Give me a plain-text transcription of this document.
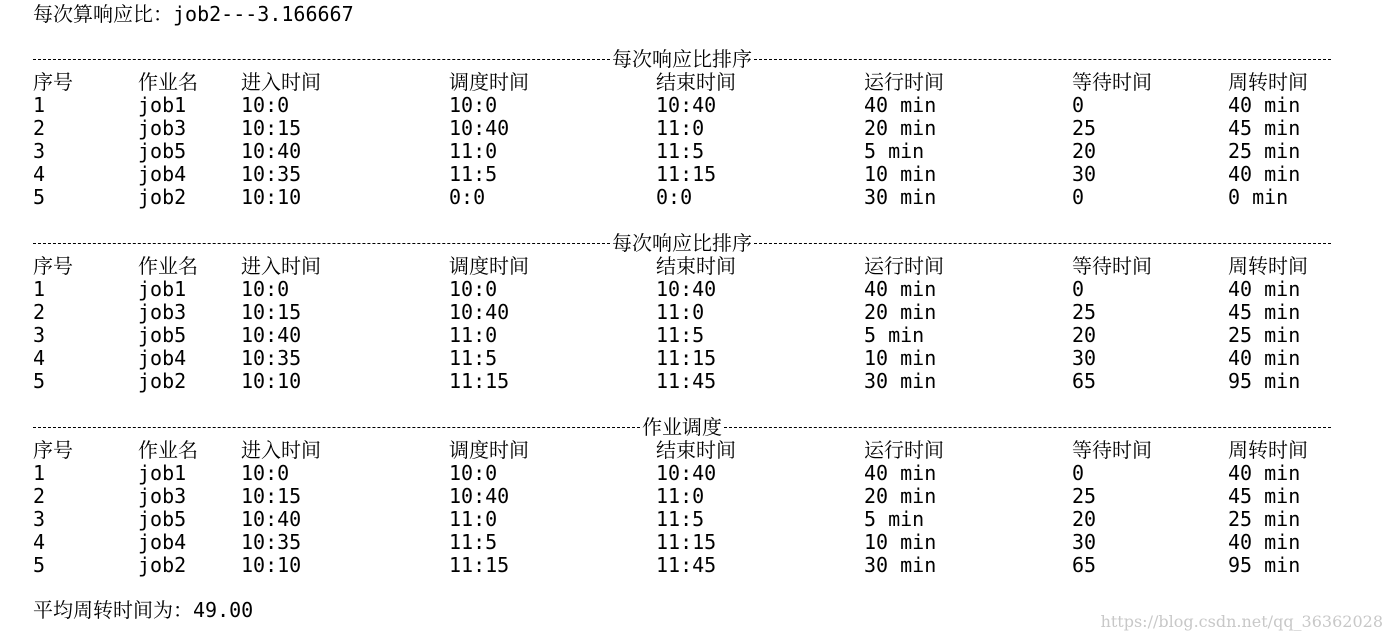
每次算响应比：job2---3.166667
每次响应比排序
序号	作业名 进入时间	调度时间	结束时间	运行时间	等待时间	周转时间
1	job1	10:0	10:0	10:40	40 min	0	40 min
2	job3	10:15	10:40	11:0	20 min	25	45 min
3	job5	10:40	11:0	11:5	5 min	20	25 min
4	job4	10:35	11:5	11:15	10 min	30	40 min
5	job2	10:10	0:0	0:0	30 min	0	0 min
每次响应比排序
序号	作业名 进入时间	调度时间	结束时间	运行时间	等待时间	周转时间
1	job1	10:0	10:0	10:40	40 min	0	40 min
2	job3	10:15	10:40	11:0	20 min	25	45 min
3	job5	10:40	11:0	11:5	5 min	20	25 min
4	job4	10:35	11:5	11:15	10 min	30	40 min
5	job2	10:10	11:15	11:45	30 min	65	95 min
作业调度
序号	作业名 进入时间	调度时间	结束时间	运行时间	等待时间	周转时间
1	job1	10:0	10:0	10:40	40 min	0	40 min
2	job3	10:15	10:40	11:0	20 min	25	45 min
3	job5	10:40	11:0	11:5	5 min	20	25 min
4	job4	10:35	11:5	11:15	10 min	30	40 min
5	job2	10:10	11:15	11:45	30 min	65	95 min
平均周转时间为：49.00	https://blog.csdn.net/qq_36362028
